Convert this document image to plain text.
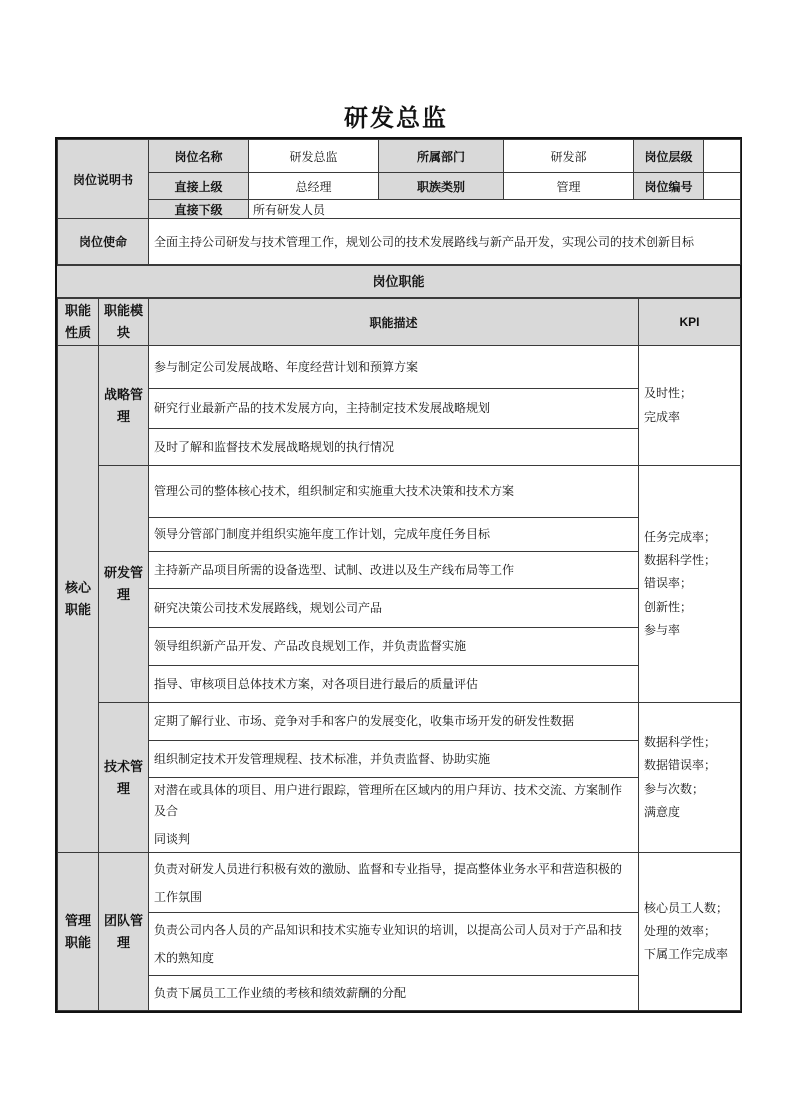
研发总监
岗位说明书	岗位名称	研发总监	所属部门	研发部	岗位层级	
	直接上级	总经理	职族类别	管理	岗位编号	
	直接下级	所有研发人员				
岗位使命	全面主持公司研发与技术管理工作，规划公司的技术发展路线与新产品开发，实现公司的技术创新目标					
岗位职能
职能性质	职能模块	职能描述	KPI
核心职能	战略管理	参与制定公司发展战略、年度经营计划和预算方案	及时性；
完成率

		研究行业最新产品的技术发展方向，主持制定技术发展战略规划	
		及时了解和监督技术发展战略规划的执行情况	
	研发管理	管理公司的整体核心技术，组织制定和实施重大技术决策和技术方案	任务完成率；
数据科学性；
错误率；
创新性；
参与率

		领导分管部门制度并组织实施年度工作计划，完成年度任务目标	
		主持新产品项目所需的设备选型、试制、改进以及生产线布局等工作	
		研究决策公司技术发展路线，规划公司产品	
		领导组织新产品开发、产品改良规划工作，并负责监督实施	
		指导、审核项目总体技术方案，对各项目进行最后的质量评估	
	技术管理	定期了解行业、市场、竞争对手和客户的发展变化，收集市场开发的研发性数据	数据科学性；
数据错误率；
参与次数；
满意度

		组织制定技术开发管理规程、技术标准，并负责监督、协助实施	

		对潜在或具体的项目、用户进行跟踪，管理所在区域内的用户拜访、技术交流、方案制作及合
同谈判	

管理职能	团队管理	负责对研发人员进行积极有效的激励、监督和专业指导，提高整体业务水平和营造积极的工作氛围	核心员工人数；
处理的效率；
下属工作完成率

		负责公司内各人员的产品知识和技术实施专业知识的培训，以提高公司人员对于产品和技术的熟知度	
		负责下属员工工作业绩的考核和绩效薪酬的分配	
